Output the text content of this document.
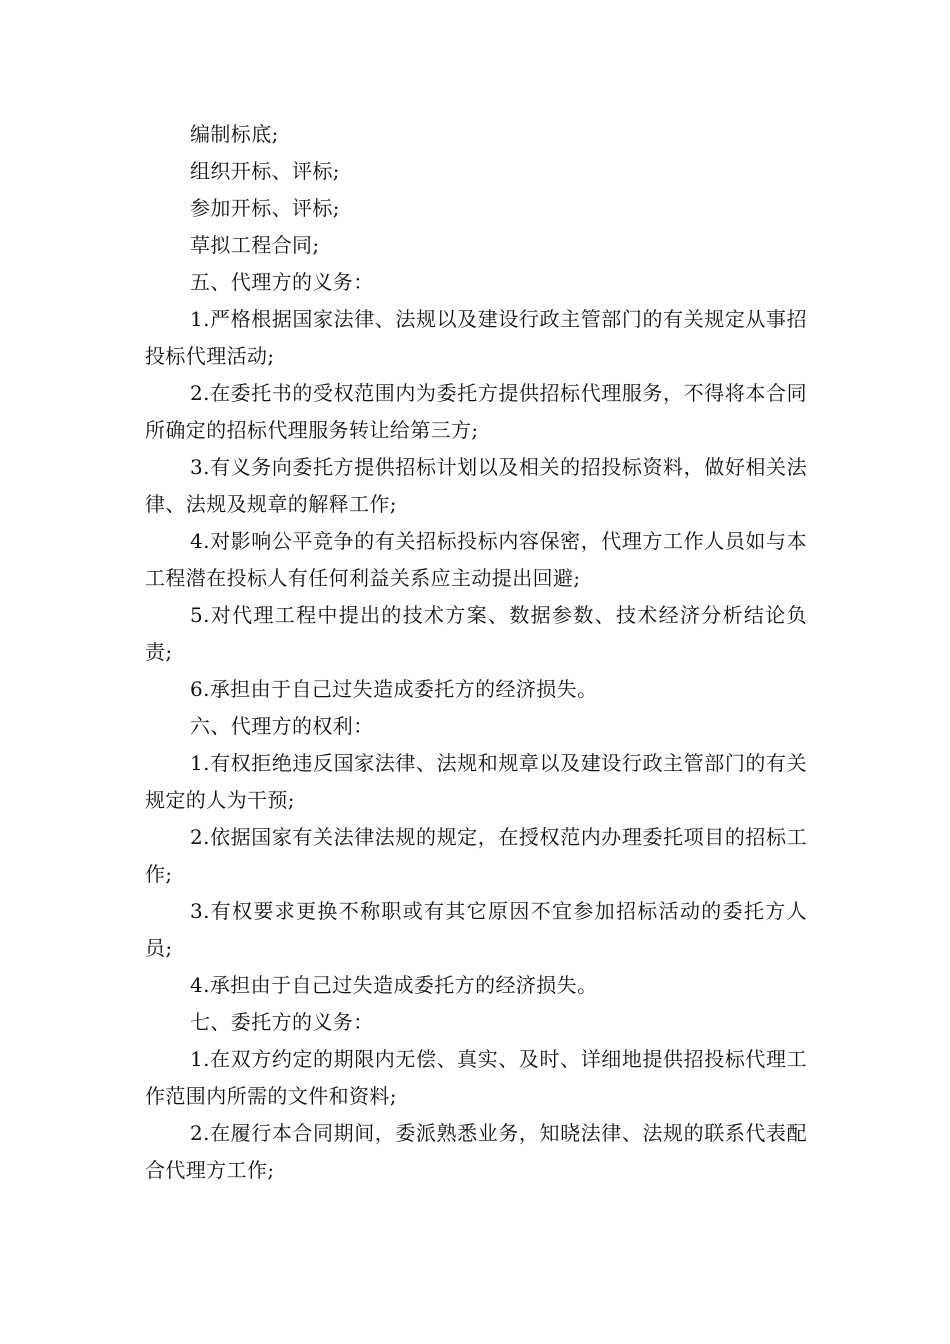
编制标底;

组织开标、评标;

参加开标、评标;

草拟工程合同;

五、代理方的义务：

1.严格根据国家法律、法规以及建设行政主管部门的有关规定从事招投标代理活动;

2.在委托书的受权范围内为委托方提供招标代理服务，不得将本合同所确定的招标代理服务转让给第三方;

3.有义务向委托方提供招标计划以及相关的招投标资料，做好相关法律、法规及规章的解释工作;

4.对影响公平竞争的有关招标投标内容保密，代理方工作人员如与本工程潜在投标人有任何利益关系应主动提出回避;

5.对代理工程中提出的技术方案、数据参数、技术经济分析结论负责;

6.承担由于自己过失造成委托方的经济损失。

六、代理方的权利：

1.有权拒绝违反国家法律、法规和规章以及建设行政主管部门的有关规定的人为干预;

2.依据国家有关法律法规的规定，在授权范内办理委托项目的招标工作;

3.有权要求更换不称职或有其它原因不宜参加招标活动的委托方人员;

4.承担由于自己过失造成委托方的经济损失。

七、委托方的义务：

1.在双方约定的期限内无偿、真实、及时、详细地提供招投标代理工作范围内所需的文件和资料;

2.在履行本合同期间，委派熟悉业务，知晓法律、法规的联系代表配合代理方工作;
